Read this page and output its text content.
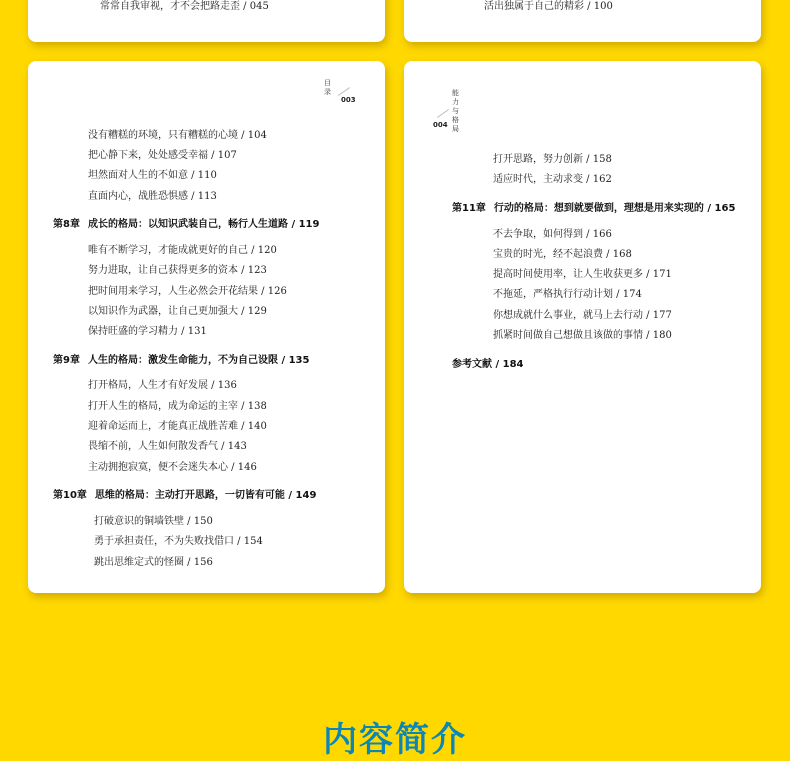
常常自我审视，才不会把路走歪 / 045	活出独属于自己的精彩 / 100
目录
003
没有糟糕的环境，只有糟糕的心境 / 104
把心静下来，处处感受幸福 / 107
坦然面对人生的不如意 / 110
直面内心，战胜恐惧感 / 113
第8章 成长的格局：以知识武装自己，畅行人生道路 / 119
唯有不断学习，才能成就更好的自己 / 120
努力进取，让自己获得更多的资本 / 123
把时间用来学习，人生必然会开花结果 / 126
以知识作为武器，让自己更加强大 / 129
保持旺盛的学习精力 / 131
第9章 人生的格局：激发生命能力，不为自己设限 / 135
打开格局，人生才有好发展 / 136
打开人生的格局，成为命运的主宰 / 138
迎着命运而上，才能真正战胜苦难 / 140
畏缩不前，人生如何散发香气 / 143
主动拥抱寂寞，便不会迷失本心 / 146
第10章 思维的格局：主动打开思路，一切皆有可能 / 149
打破意识的铜墙铁壁 / 150
勇于承担责任，不为失败找借口 / 154
跳出思维定式的怪圈 / 156
能力与格局
004
打开思路，努力创新 / 158
适应时代，主动求变 / 162
第11章 行动的格局：想到就要做到，理想是用来实现的 / 165
不去争取，如何得到 / 166
宝贵的时光，经不起浪费 / 168
提高时间使用率，让人生收获更多 / 171
不拖延，严格执行行动计划 / 174
你想成就什么事业，就马上去行动 / 177
抓紧时间做自己想做且该做的事情 / 180
参考文献 / 184
内容简介
